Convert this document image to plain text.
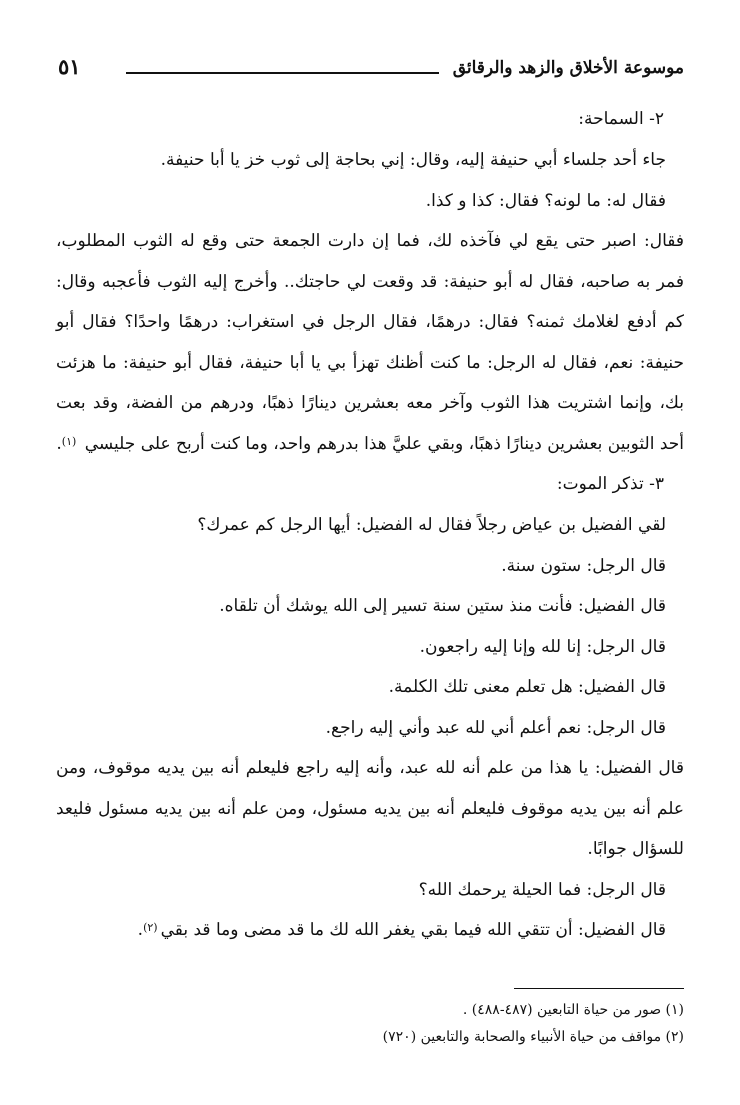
موسوعة الأخلاق والزهد والرقائق
٥١

٢- السماحة:

جاء أحد جلساء أبي حنيفة إليه، وقال: إني بحاجة إلى ثوب خز يا أبا حنيفة.

فقال له: ما لونه؟ فقال: كذا و كذا.

فقال: اصبر حتى يقع لي فآخذه لك، فما إن دارت الجمعة حتى وقع له الثوب المطلوب، فمر به صاحبه، فقال له أبو حنيفة: قد وقعت لي حاجتك.. وأخرج إليه الثوب فأعجبه وقال: كم أدفع لغلامك ثمنه؟ فقال: درهمًا، فقال الرجل في استغراب: درهمًا واحدًا؟ فقال أبو حنيفة: نعم، فقال له الرجل: ما كنت أظنك تهزأ بي يا أبا حنيفة، فقال أبو حنيفة: ما هزئت بك، وإنما اشتريت هذا الثوب وآخر معه بعشرين دينارًا ذهبًا، ودرهم من الفضة، وقد بعت أحد الثوبين بعشرين دينارًا ذهبًا، وبقي عليَّ هذا بدرهم واحد، وما كنت أربح على جليسي $^{(١)}$.

٣- تذكر الموت:

لقي الفضيل بن عياض رجلاً فقال له الفضيل: أيها الرجل كم عمرك؟

قال الرجل: ستون سنة.

قال الفضيل: فأنت منذ ستين سنة تسير إلى الله يوشك أن تلقاه.

قال الرجل: إنا لله وإنا إليه راجعون.

قال الفضيل: هل تعلم معنى تلك الكلمة.

قال الرجل: نعم أعلم أني لله عبد وأني إليه راجع.

قال الفضيل: يا هذا من علم أنه لله عبد، وأنه إليه راجع فليعلم أنه بين يديه موقوف، ومن علم أنه بين يديه موقوف فليعلم أنه بين يديه مسئول، ومن علم أنه بين يديه مسئول فليعد للسؤال جوابًا.

قال الرجل: فما الحيلة يرحمك الله؟

قال الفضيل: أن تتقي الله فيما بقي يغفر الله لك ما قد مضى وما قد بقي$^{(٢)}$.

(١) صور من حياة التابعين (٤٨٧-٤٨٨) .
(٢) مواقف من حياة الأنبياء والصحابة والتابعين (٧٢٠)
